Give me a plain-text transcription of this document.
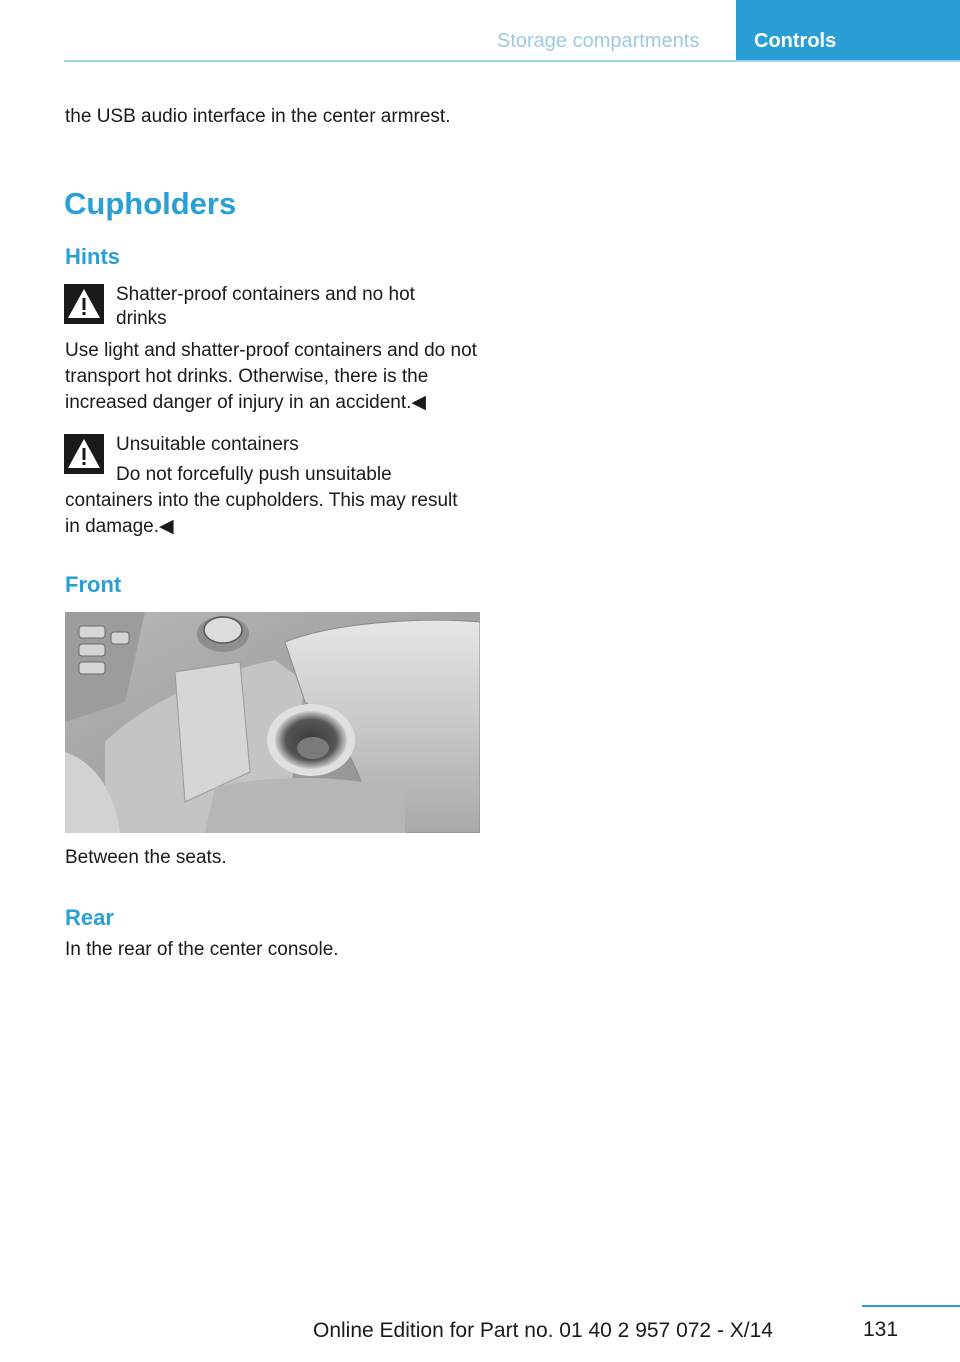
Storage compartments	Controls
the USB audio interface in the center armrest.
Cupholders
Hints
Shatter-proof containers and no hot drinks
Use light and shatter-proof containers and do not transport hot drinks. Otherwise, there is the increased danger of injury in an accident.◀
Unsuitable containers
Do not forcefully push unsuitable containers into the cupholders. This may result in damage.◀
Front
Between the seats.
Rear
In the rear of the center console.
131
Online Edition for Part no. 01 40 2 957 072 - X/14
